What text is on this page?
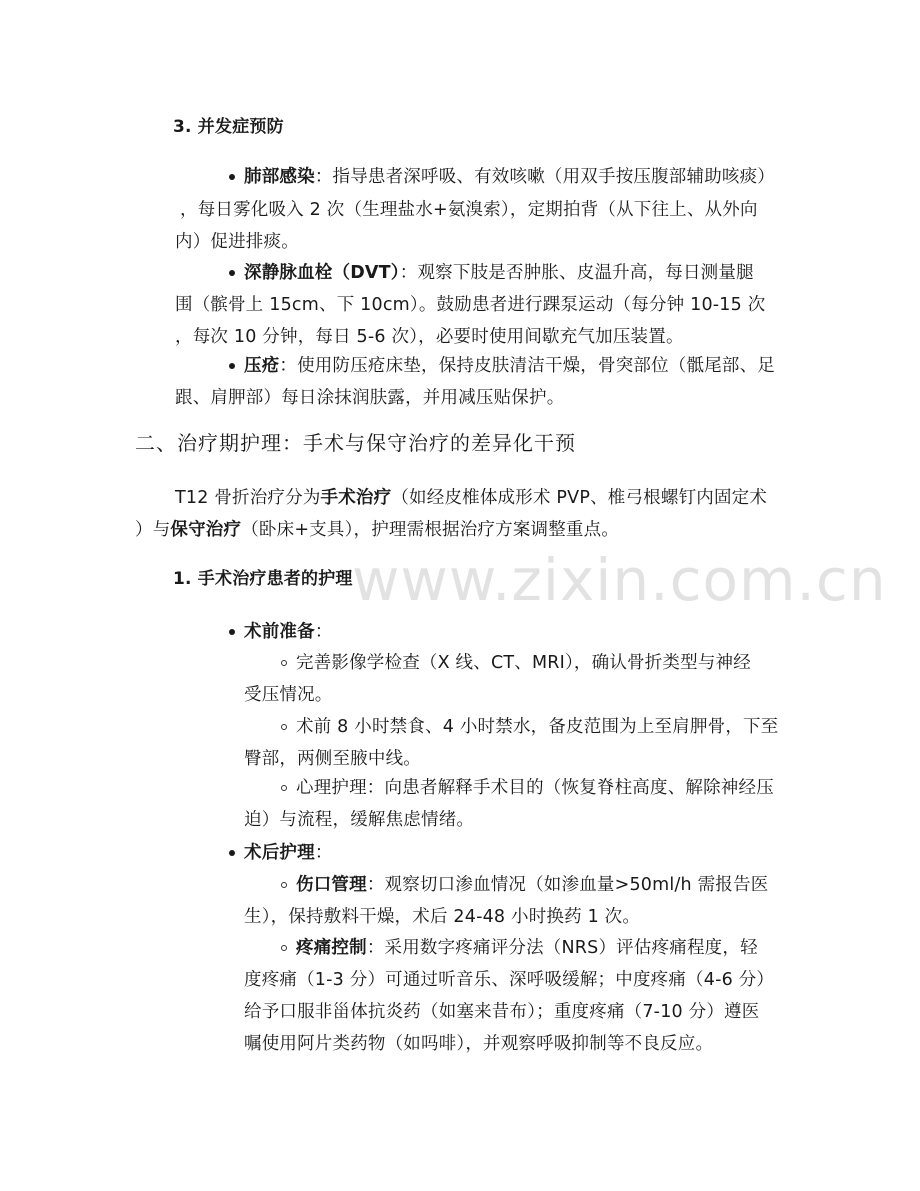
3. 并发症预防
肺部感染：指导患者深呼吸、有效咳嗽（用双手按压腹部辅助咳痰）
，每日雾化吸入 2 次（生理盐水+氨溴索），定期拍背（从下往上、从外向
内）促进排痰。
深静脉血栓（DVT）：观察下肢是否肿胀、皮温升高，每日测量腿
围（髌骨上 15cm、下 10cm）。鼓励患者进行踝泵运动（每分钟 10-15 次
，每次 10 分钟，每日 5-6 次），必要时使用间歇充气加压装置。
压疮：使用防压疮床垫，保持皮肤清洁干燥，骨突部位（骶尾部、足
跟、肩胛部）每日涂抹润肤露，并用减压贴保护。
二、治疗期护理：手术与保守治疗的差异化干预
T12 骨折治疗分为手术治疗（如经皮椎体成形术 PVP、椎弓根螺钉内固定术
）与保守治疗（卧床+支具），护理需根据治疗方案调整重点。
1. 手术治疗患者的护理
术前准备：
完善影像学检查（X 线、CT、MRI），确认骨折类型与神经
受压情况。
术前 8 小时禁食、4 小时禁水，备皮范围为上至肩胛骨，下至
臀部，两侧至腋中线。
心理护理：向患者解释手术目的（恢复脊柱高度、解除神经压
迫）与流程，缓解焦虑情绪。
术后护理：
伤口管理：观察切口渗血情况（如渗血量>50ml/h 需报告医
生），保持敷料干燥，术后 24-48 小时换药 1 次。
疼痛控制：采用数字疼痛评分法（NRS）评估疼痛程度，轻
度疼痛（1-3 分）可通过听音乐、深呼吸缓解；中度疼痛（4-6 分）
给予口服非甾体抗炎药（如塞来昔布）；重度疼痛（7-10 分）遵医
嘱使用阿片类药物（如吗啡），并观察呼吸抑制等不良反应。
www.zixin.com.cn
